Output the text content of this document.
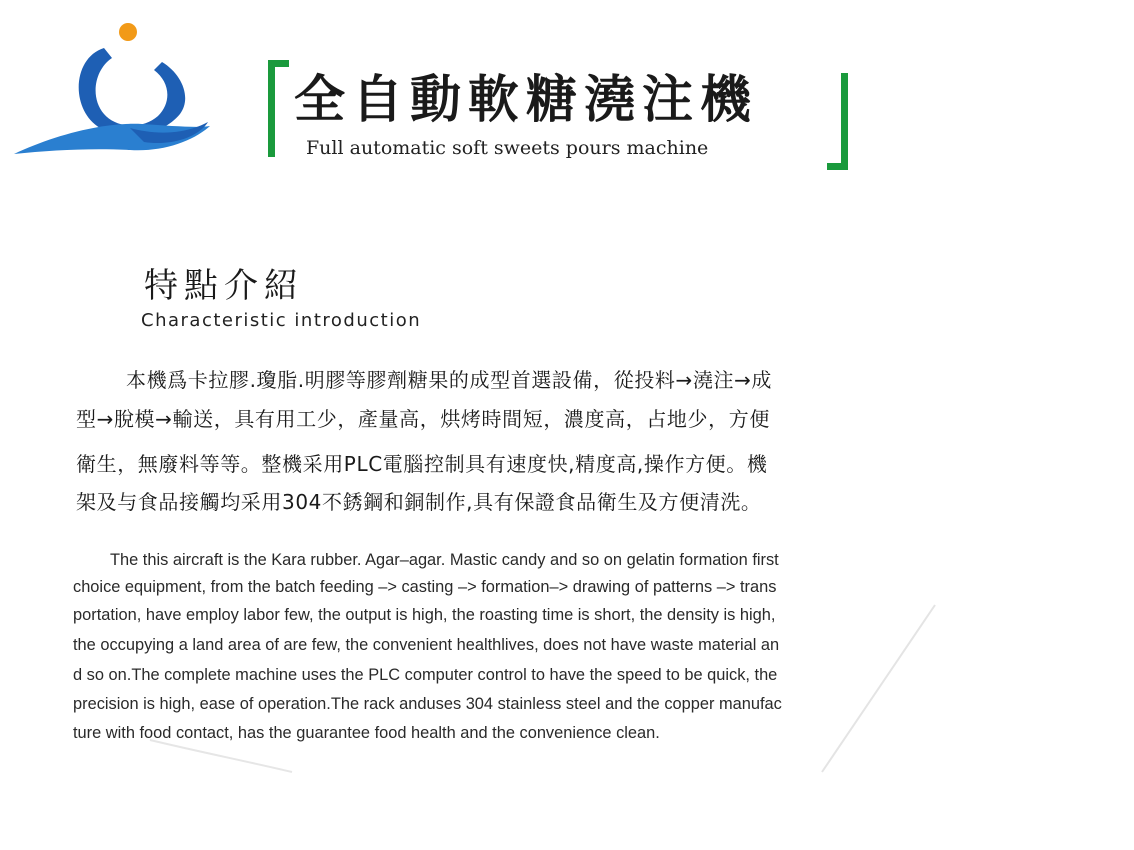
全自動軟糖澆注機
Full automatic soft sweets pours machine
特點介紹
Characteristic introduction
本機爲卡拉膠.瓊脂.明膠等膠劑糖果的成型首選設備，從投料→澆注→成
型→脫模→輸送，具有用工少，產量高，烘烤時間短，濃度高，占地少，方便
衛生，無廢料等等。整機采用PLC電腦控制具有速度快,精度高,操作方便。機
架及与食品接觸均采用304不銹鋼和銅制作,具有保證食品衛生及方便清洗。
The this aircraft is the Kara rubber. Agar–agar. Mastic candy and so on gelatin formation first
choice equipment, from the batch feeding –> casting –> formation–> drawing of patterns –> trans
portation, have employ labor few, the output is high, the roasting time is short, the density is high,
the occupying a land area of are few, the convenient healthlives, does not have waste material an
d so on.The complete machine uses the PLC computer control to have the speed to be quick, the
precision is high, ease of operation.The rack anduses 304 stainless steel and the copper manufac
ture with food contact, has the guarantee food health and the convenience clean.
